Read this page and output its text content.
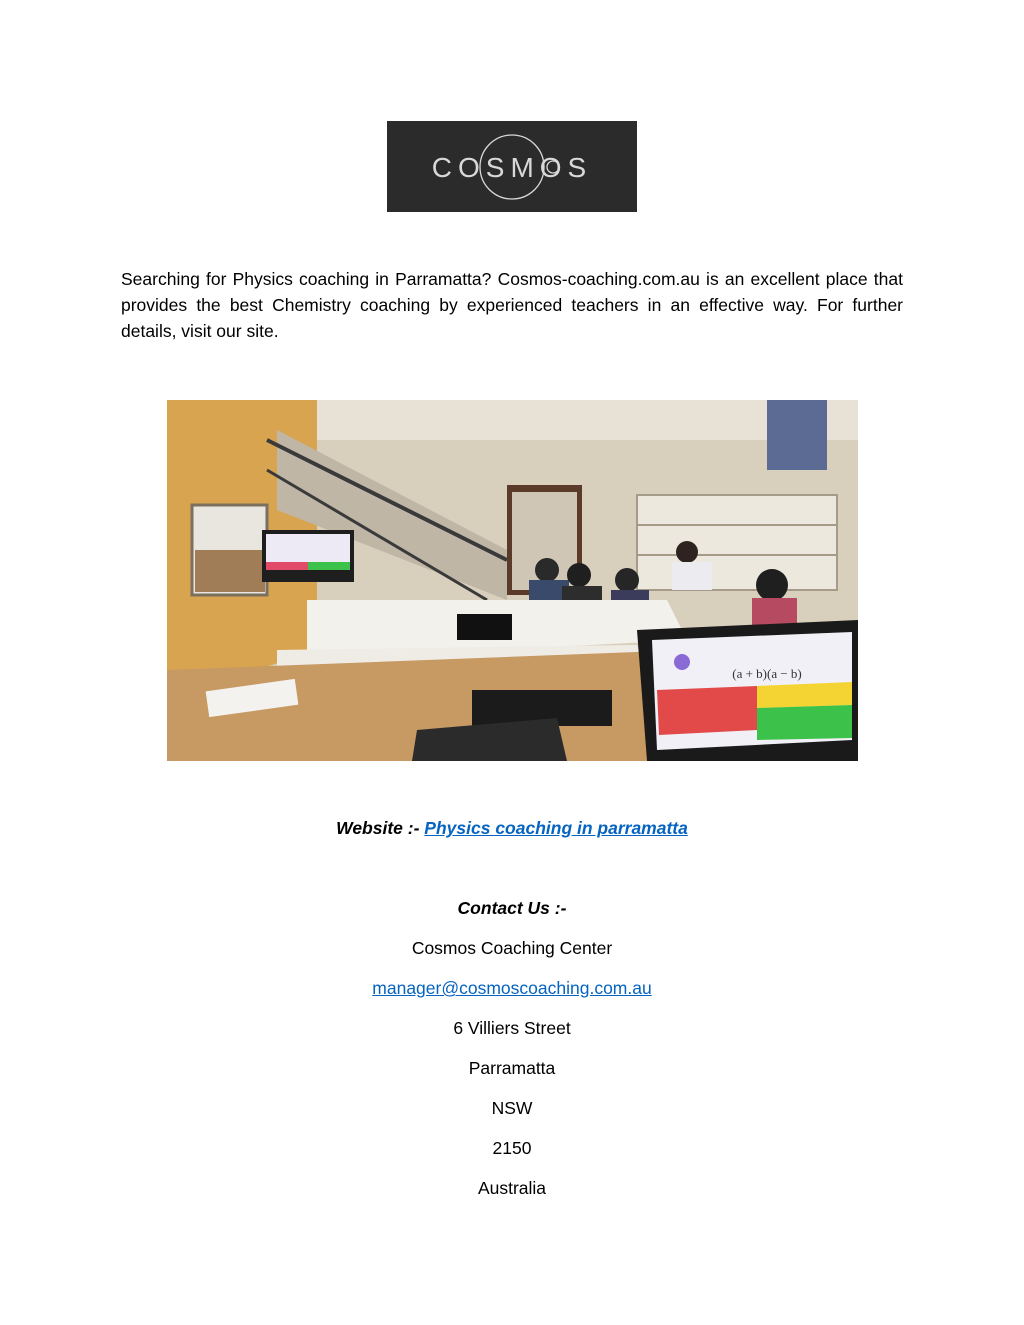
COSMOS

Searching for Physics coaching in Parramatta? Cosmos-coaching.com.au is an excellent place that provides the best Chemistry coaching by experienced teachers in an effective way. For further details, visit our site.

(a + b)(a − b)

Website :- Physics coaching in parramatta

Contact Us :-

Cosmos Coaching Center

manager@cosmoscoaching.com.au

6 Villiers Street

Parramatta

NSW

2150

Australia
